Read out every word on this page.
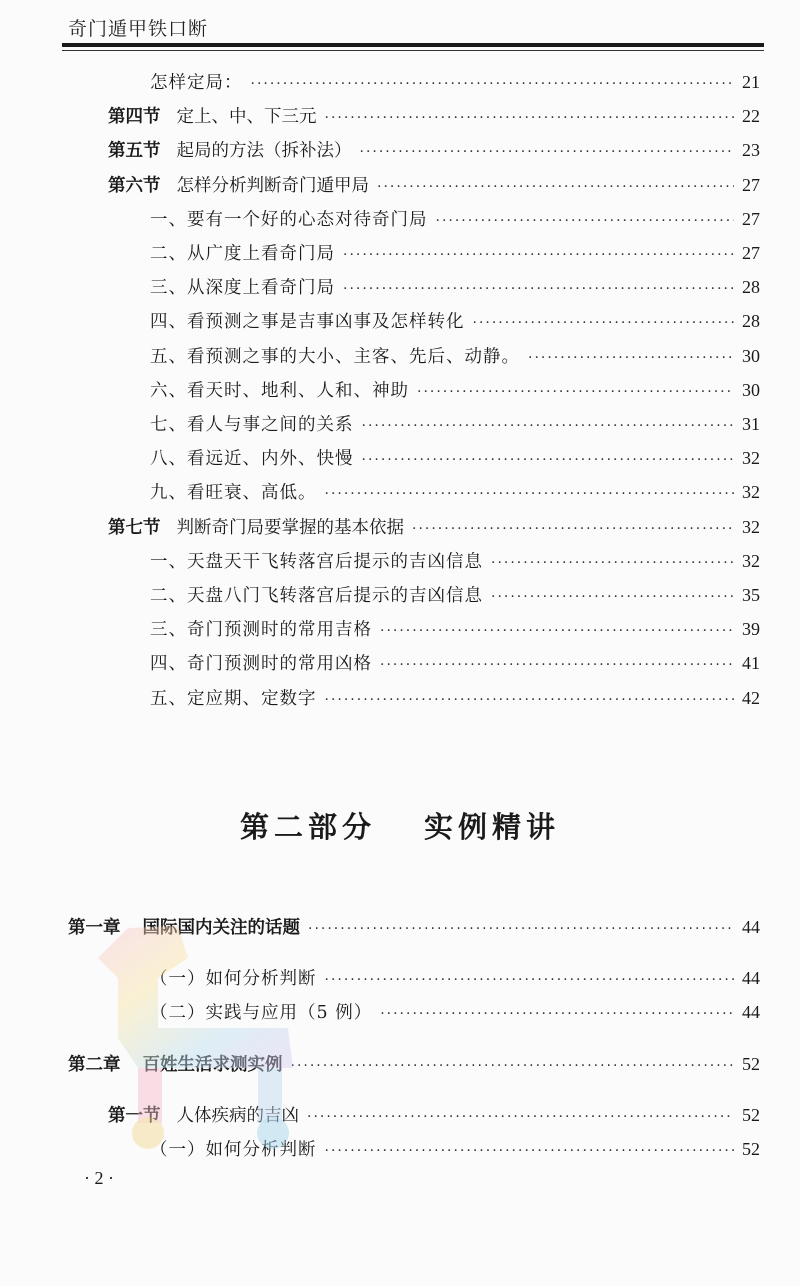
奇门遁甲铁口断
怎样定局： ·····	21
第四节 定上、中、下三元 ·····	22
第五节 起局的方法（拆补法） ·····	23
第六节 怎样分析判断奇门遁甲局 ·····	27
一、要有一个好的心态对待奇门局 ·····	27
二、从广度上看奇门局 ·····	27
三、从深度上看奇门局 ·····	28
四、看预测之事是吉事凶事及怎样转化 ·····	28
五、看预测之事的大小、主客、先后、动静。 ·····	30
六、看天时、地利、人和、神助 ·····	30
七、看人与事之间的关系 ·····	31
八、看远近、内外、快慢 ·····	32
九、看旺衰、高低。 ·····	32
第七节 判断奇门局要掌握的基本依据 ·····	32
一、天盘天干飞转落宫后提示的吉凶信息 ·····	32
二、天盘八门飞转落宫后提示的吉凶信息 ·····	35
三、奇门预测时的常用吉格 ·····	39
四、奇门预测时的常用凶格 ·····	41
五、定应期、定数字 ·····	42
第二部分 实例精讲
第一章 国际国内关注的话题 ·····	44
（一）如何分析判断 ·····	44
（二）实践与应用（5 例） ·····	44
第二章 百姓生活求测实例 ·····	52
第一节 人体疾病的吉凶 ·····	52
（一）如何分析判断 ·····	52
· 2 ·
